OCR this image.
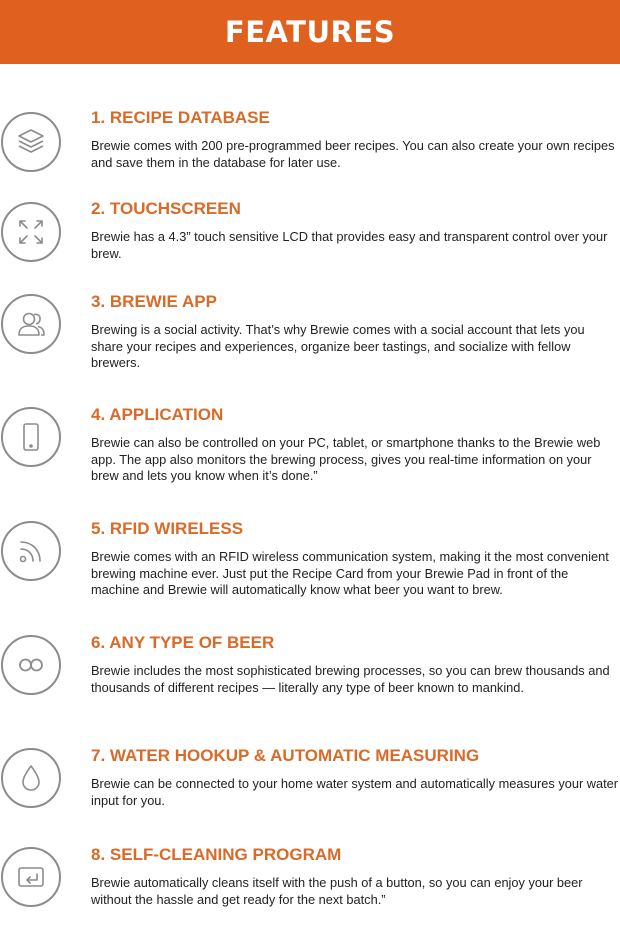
FEATURES
1. RECIPE DATABASE

Brewie comes with 200 pre-programmed beer recipes. You can also create your own recipes and save them in the database for later use.

2. TOUCHSCREEN

Brewie has a 4.3” touch sensitive LCD that provides easy and transparent control over your brew.

3. BREWIE APP

Brewing is a social activity. That’s why Brewie comes with a social account that lets you share your recipes and experiences, organize beer tastings, and socialize with fellow brewers.

4. APPLICATION

Brewie can also be controlled on your PC, tablet, or smartphone thanks to the Brewie web app. The app also monitors the brewing process, gives you real-time information on your brew and lets you know when it’s done.”

5. RFID WIRELESS

Brewie comes with an RFID wireless communication system, making it the most convenient brewing machine ever. Just put the Recipe Card from your Brewie Pad in front of the machine and Brewie will automatically know what beer you want to brew.

6. ANY TYPE OF BEER

Brewie includes the most sophisticated brewing processes, so you can brew thousands and thousands of different recipes — literally any type of beer known to mankind.

7. WATER HOOKUP & AUTOMATIC MEASURING

Brewie can be connected to your home water system and automatically measures your water input for you.

8. SELF-CLEANING PROGRAM

Brewie automatically cleans itself with the push of a button, so you can enjoy your beer without the hassle and get ready for the next batch.”
